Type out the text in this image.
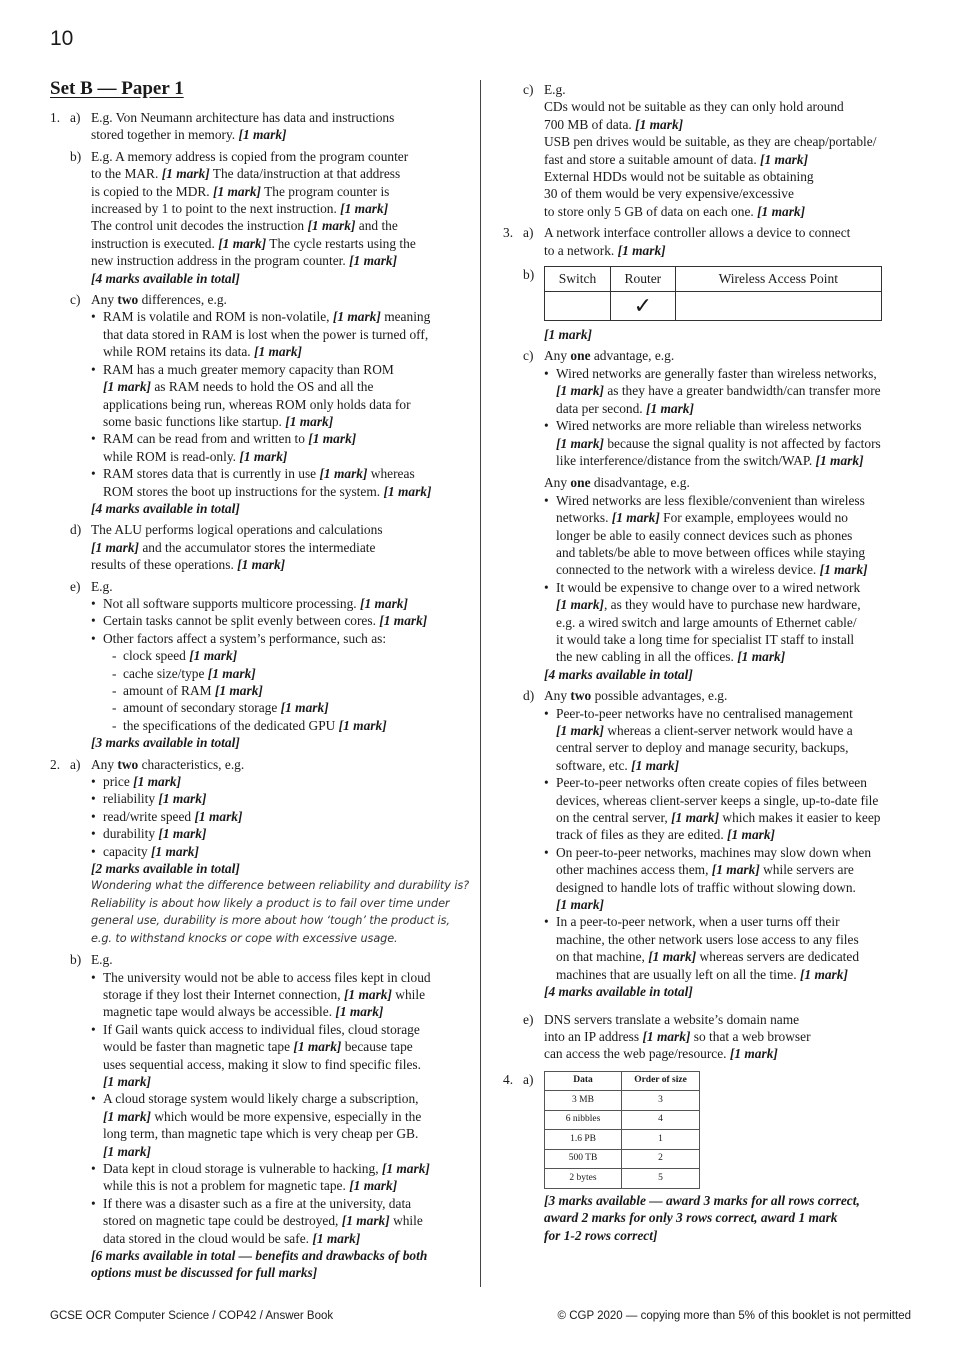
10
Set B — Paper 1
1. a) E.g. Von Neumann architecture has data and instructions
stored together in memory. [1 mark]
b) E.g. A memory address is copied from the program counter
to the MAR. [1 mark] The data/instruction at that address
is copied to the MDR. [1 mark] The program counter is
increased by 1 to point to the next instruction. [1 mark]
The control unit decodes the instruction [1 mark] and the
instruction is executed. [1 mark] The cycle restarts using the
new instruction address in the program counter. [1 mark]
[4 marks available in total]
c) Any two differences, e.g.
• RAM is volatile and ROM is non-volatile, [1 mark] meaning
that data stored in RAM is lost when the power is turned off,
while ROM retains its data. [1 mark]
• RAM has a much greater memory capacity than ROM
[1 mark] as RAM needs to hold the OS and all the
applications being run, whereas ROM only holds data for
some basic functions like startup. [1 mark]
• RAM can be read from and written to [1 mark]
while ROM is read-only. [1 mark]
• RAM stores data that is currently in use [1 mark] whereas
ROM stores the boot up instructions for the system. [1 mark]
[4 marks available in total]
d) The ALU performs logical operations and calculations
[1 mark] and the accumulator stores the intermediate
results of these operations. [1 mark]
e) E.g.
• Not all software supports multicore processing. [1 mark]
• Certain tasks cannot be split evenly between cores. [1 mark]
• Other factors affect a system’s performance, such as:
- clock speed [1 mark]
- cache size/type [1 mark]
- amount of RAM [1 mark]
- amount of secondary storage [1 mark]
- the specifications of the dedicated GPU [1 mark]
[3 marks available in total]
2. a) Any two characteristics, e.g.
• price [1 mark]
• reliability [1 mark]
• read/write speed [1 mark]
• durability [1 mark]
• capacity [1 mark]
[2 marks available in total]
Wondering what the difference between reliability and durability is?
Reliability is about how likely a product is to fail over time under
general use, durability is more about how ‘tough’ the product is,
e.g. to withstand knocks or cope with excessive usage.
b) E.g.
• The university would not be able to access files kept in cloud
storage if they lost their Internet connection, [1 mark] while
magnetic tape would always be accessible. [1 mark]
• If Gail wants quick access to individual files, cloud storage
would be faster than magnetic tape [1 mark] because tape
uses sequential access, making it slow to find specific files.
[1 mark]
• A cloud storage system would likely charge a subscription,
[1 mark] which would be more expensive, especially in the
long term, than magnetic tape which is very cheap per GB.
[1 mark]
• Data kept in cloud storage is vulnerable to hacking, [1 mark]
while this is not a problem for magnetic tape. [1 mark]
• If there was a disaster such as a fire at the university, data
stored on magnetic tape could be destroyed, [1 mark] while
data stored in the cloud would be safe. [1 mark]
[6 marks available in total — benefits and drawbacks of both
options must be discussed for full marks]
c) E.g.
CDs would not be suitable as they can only hold around
700 MB of data. [1 mark]
USB pen drives would be suitable, as they are cheap/portable/
fast and store a suitable amount of data. [1 mark]
External HDDs would not be suitable as obtaining
30 of them would be very expensive/excessive
to store only 5 GB of data on each one. [1 mark]
3. a) A network interface controller allows a device to connect
to a network. [1 mark]
b) Switch	Router	Wireless Access Point
	✓	
[1 mark]
c) Any one advantage, e.g.
• Wired networks are generally faster than wireless networks,
[1 mark] as they have a greater bandwidth/can transfer more
data per second. [1 mark]
• Wired networks are more reliable than wireless networks
[1 mark] because the signal quality is not affected by factors
like interference/distance from the switch/WAP. [1 mark]
Any one disadvantage, e.g.
• Wired networks are less flexible/convenient than wireless
networks. [1 mark] For example, employees would no
longer be able to easily connect devices such as phones
and tablets/be able to move between offices while staying
connected to the network with a wireless device. [1 mark]
• It would be expensive to change over to a wired network
[1 mark], as they would have to purchase new hardware,
e.g. a wired switch and large amounts of Ethernet cable/
it would take a long time for specialist IT staff to install
the new cabling in all the offices. [1 mark]
[4 marks available in total]
d) Any two possible advantages, e.g.
• Peer-to-peer networks have no centralised management
[1 mark] whereas a client-server network would have a
central server to deploy and manage security, backups,
software, etc. [1 mark]
• Peer-to-peer networks often create copies of files between
devices, whereas client-server keeps a single, up-to-date file
on the central server, [1 mark] which makes it easier to keep
track of files as they are edited. [1 mark]
• On peer-to-peer networks, machines may slow down when
other machines access them, [1 mark] while servers are
designed to handle lots of traffic without slowing down.
[1 mark]
• In a peer-to-peer network, when a user turns off their
machine, the other network users lose access to any files
on that machine, [1 mark] whereas servers are dedicated
machines that are usually left on all the time. [1 mark]
[4 marks available in total]
e) DNS servers translate a website’s domain name
into an IP address [1 mark] so that a web browser
can access the web page/resource. [1 mark]
4. a)	Data	Order of size
3 MB	3
6 nibbles	4
1.6 PB	1
500 TB	2
2 bytes	5
[3 marks available — award 3 marks for all rows correct,
award 2 marks for only 3 rows correct, award 1 mark
for 1-2 rows correct]
GCSE OCR Computer Science / COP42 / Answer Book	© CGP 2020 — copying more than 5% of this booklet is not permitted
